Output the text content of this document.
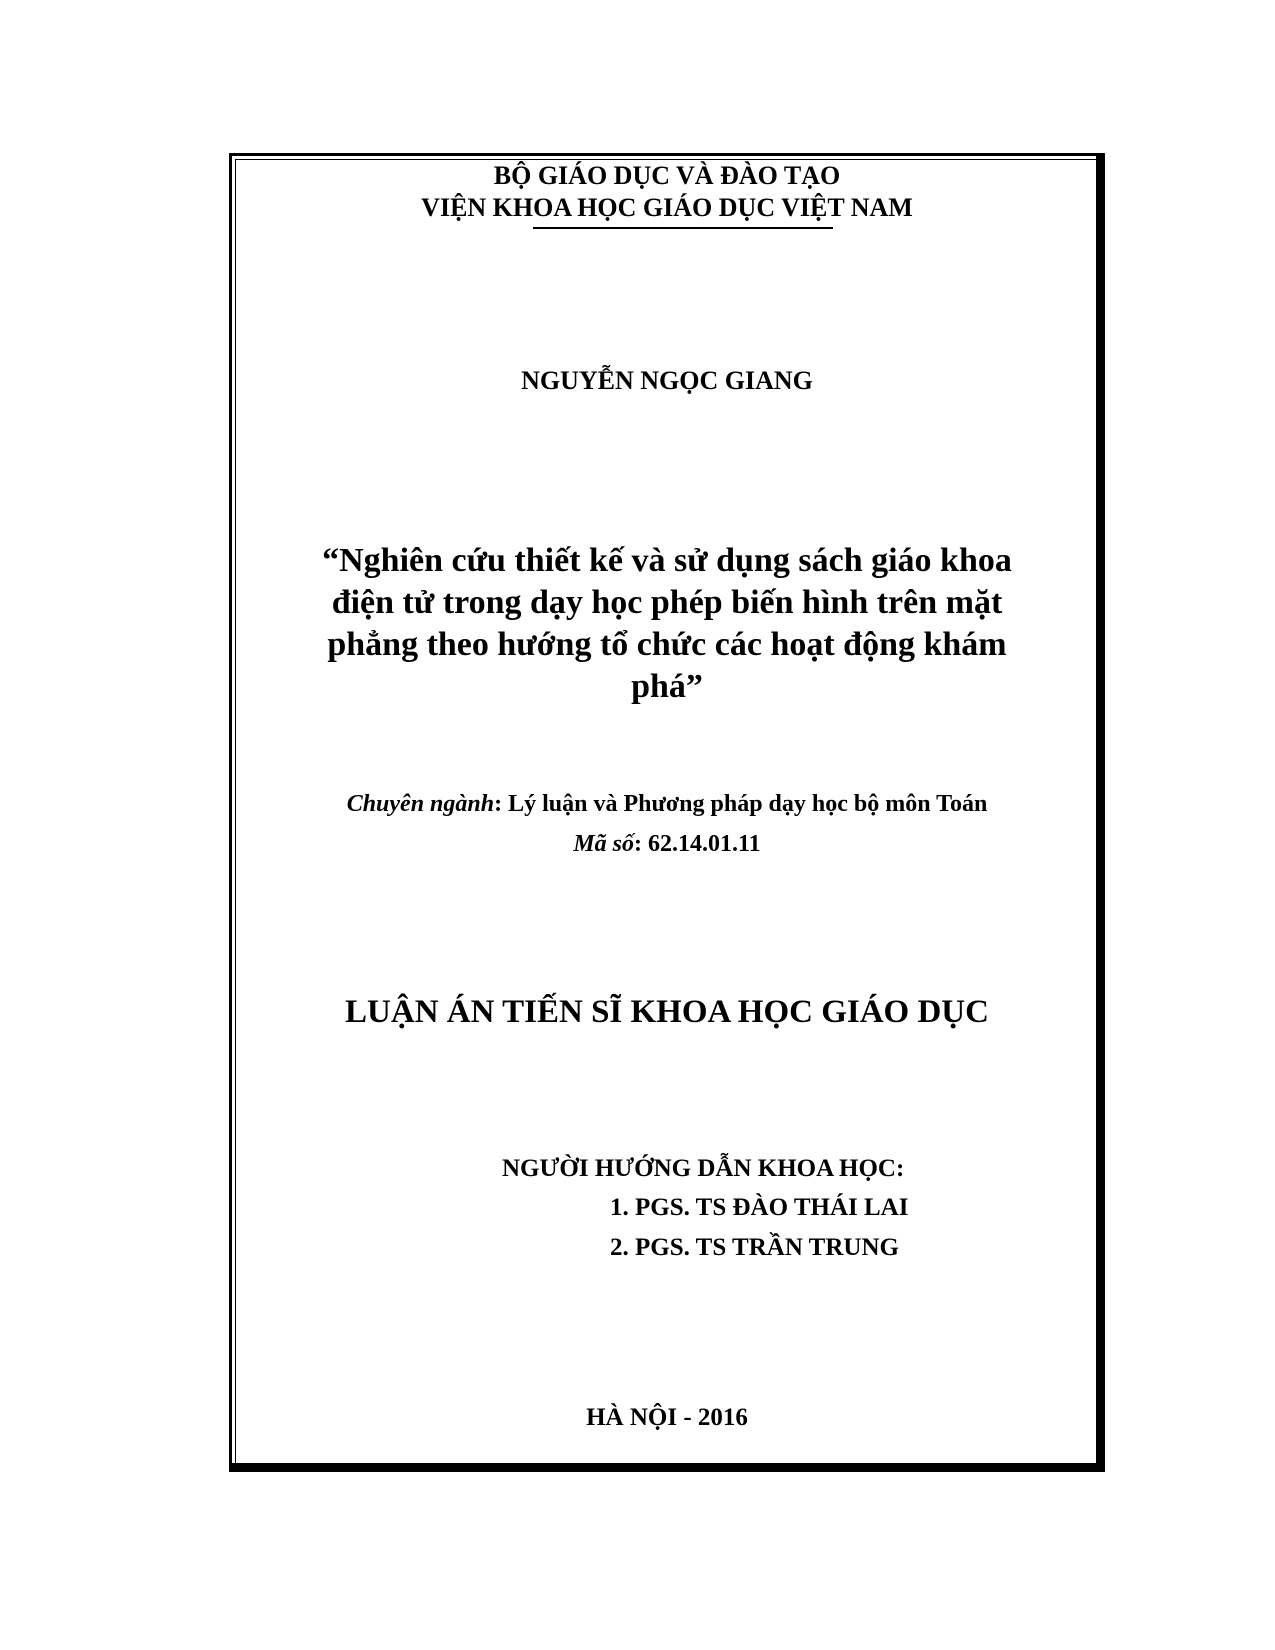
BỘ GIÁO DỤC VÀ ĐÀO TẠO
VIỆN KHOA HỌC GIÁO DỤC VIỆT NAM
NGUYỄN NGỌC GIANG
“Nghiên cứu thiết kế và sử dụng sách giáo khoa
điện tử trong dạy học phép biến hình trên mặt
phẳng theo hướng tổ chức các hoạt động khám
phá”
Chuyên ngành: Lý luận và Phương pháp dạy học bộ môn Toán
Mã số: 62.14.01.11
LUẬN ÁN TIẾN SĨ KHOA HỌC GIÁO DỤC
NGƯỜI HƯỚNG DẪN KHOA HỌC:
1. PGS. TS ĐÀO THÁI LAI
2. PGS. TS TRẦN TRUNG
HÀ NỘI - 2016
